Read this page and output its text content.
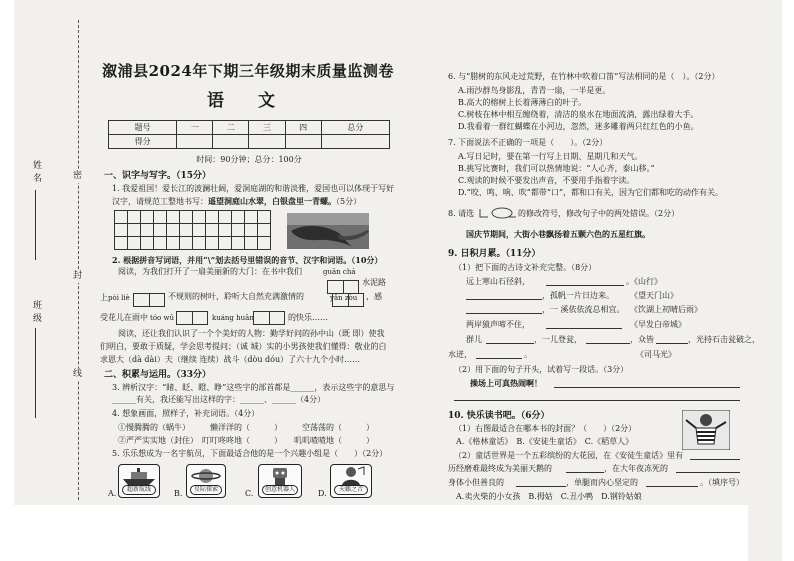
姓名
班级
密
封
线
溆浦县2024年下期三年级期末质量监测卷
语 文
题号	一	二	三	四	总分
得分					
时间：90分钟；总分：100分
一、识字与写字。（15分）
1. 我爱祖国！爱长江的波澜壮阔，爱洞庭湖的和谐淡雅，爱国也可以体现于写好汉字，请规范工整地书写：遥望洞庭山水翠，白银盘里一青螺。（5分）
2. 根据拼音写词语，并用“\”划去括号里错误的音节、汉字和词语。（10分）
阅读，为我们打开了一扇美丽新的大门：在书中我们	guān chá
水泥路
上 pòi liè	yǎn zòu
不规则的树叶，聆听大自然充满激情的	，感
受花儿在雨中 tóo wǔ	kuáng huān	的快乐……
阅读，还让我们认识了一个个美好的人物：勤学好问的孙中山（既 即）使我们明白，要敢于质疑，学会思考提问；（诚 城）实的小男孩使我们懂得：敬业的白求恩大（dà dài）夫（继续 连续）战斗（dòu dóu）了六十九个小时……
二、积累与运用。（33分）
3. 辨析汉字：“睹、眨、瞪、睁”这些字的部首都是______，表示这些字的意思与______有关，我还能写出这样的字：______、______（4分）
4. 想象画面，照样子，补充词语。（4分）
①慢腾腾的（蜗牛）　　　懒洋洋的（　　　）　　　空荡荡的（　　　）
②严严实实地（封住）　叮叮咚咚地（　　　）　　叽叽喳喳地（　　　）
5. 乐乐想成为一名宇航员，下面最适合他的是一个兴趣小组是（　　）（2分）
A.	超新航线	B.	星际探索	C.	创意机器人	D.	天籁之音
6. 与“腊树的东风走过荒野，在竹林中吹着口笛”写法相同的是（　）。（2分）
A.雨沙群鸟身影乱，青青一扇，一半是更。
B.高大的榕树上长着薄薄白的叶子。
C.树枝在林中相互缠绕着，清洁的泉水在地面流淌，露出绿着大手。
D.我看着一群红蝴蝶在小河边，忽然，迷多雕着两只红红色的小鱼。
7. 下面说法不正确的一项是（　　）。（2分）
A.写日记时，要在第一行写上日期、星期几和天气。
B.挑写比赛时，我们可以热情地说：“人心齐，泰山移。”
C.观读的时候不要发出声音，不要用手指着字读。
D.“咬、鸣、响、吹”都带“口”，都和口有关，因为它们都和吃的动作有关。
8. 请选	的修改符号，修改句子中的两处错误。（2分）
国庆节期间，大街小巷飘扬着五颗六色的五星红旗。
9. 日积月累。（11分）
（1）把下面的古诗文补充完整。（8分）
远上寒山石径斜，	。《山行》
，孤帆一片日边来。 《望天门山》
，一 溪依依流总相宜。 《饮湖上初晴后雨》
两岸猿声啼不住，	《早发白帝城》
群儿	，一儿登瓮，	，众皆	，光持石击瓮破之，
水迸，	。	《司马光》
（2）用下面的句子开头，试着写一段话。（3分）
操场上可真热闹啊！
10. 快乐读书吧。（6分）
（1）右图最适合在哪本书的封面？（　　）（2分）
A.《格林童话》　B.《安徒生童话》　C.《稻草人》
（2）童话世界是一个五彩缤纷的大花园，在《安徒生童话》里有
历经磨难最终成为美丽天鹅的	，在大年夜冻死的
身体小但善良的	，单腿而内心坚定的	。（填序号）
A.卖火柴的小女孩　B.拇姑　C.丑小鸭　D.钢铃姑娘
